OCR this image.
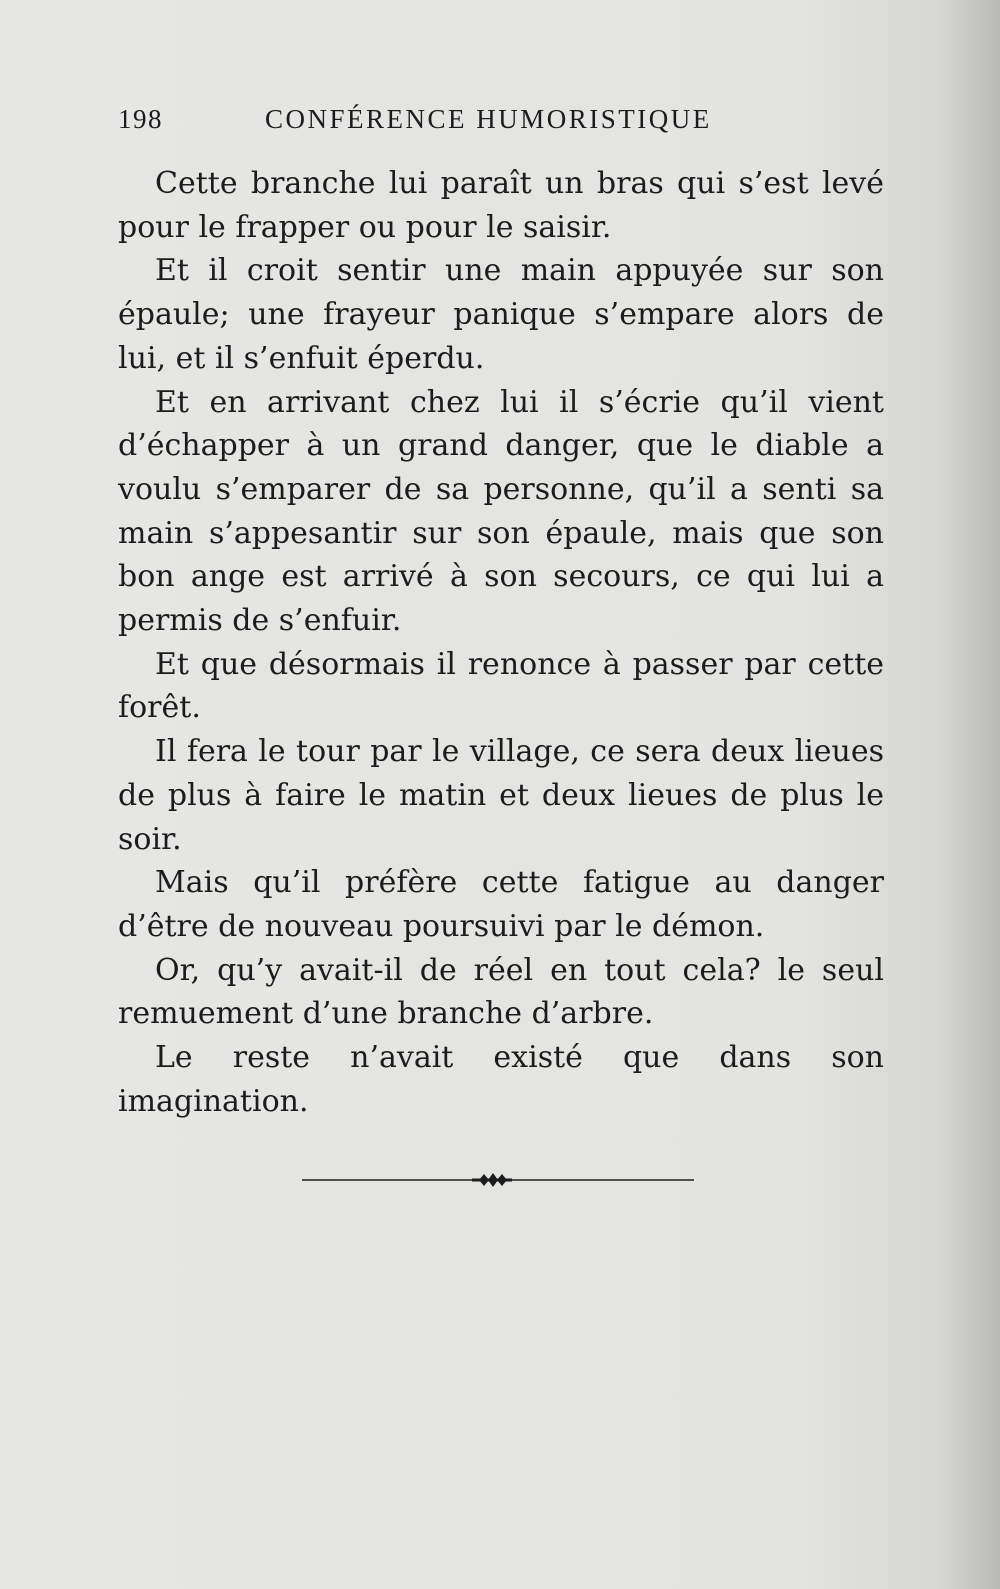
198	CONFÉRENCE HUMORISTIQUE

Cette branche lui paraît un bras qui s’est levé pour le frapper ou pour le saisir.

Et il croit sentir une main appuyée sur son épaule; une frayeur panique s’empare alors de lui, et il s’enfuit éperdu.

Et en arrivant chez lui il s’écrie qu’il vient d’échapper à un grand danger, que le diable a voulu s’emparer de sa personne, qu’il a senti sa main s’appesantir sur son épaule, mais que son bon ange est arrivé à son secours, ce qui lui a permis de s’enfuir.

Et que désormais il renonce à passer par cette forêt.

Il fera le tour par le village, ce sera deux lieues de plus à faire le matin et deux lieues de plus le soir.

Mais qu’il préfère cette fatigue au danger d’être de nouveau poursuivi par le démon.

Or, qu’y avait-il de réel en tout cela? le seul remuement d’une branche d’arbre.

Le reste n’avait existé que dans son imagination.
